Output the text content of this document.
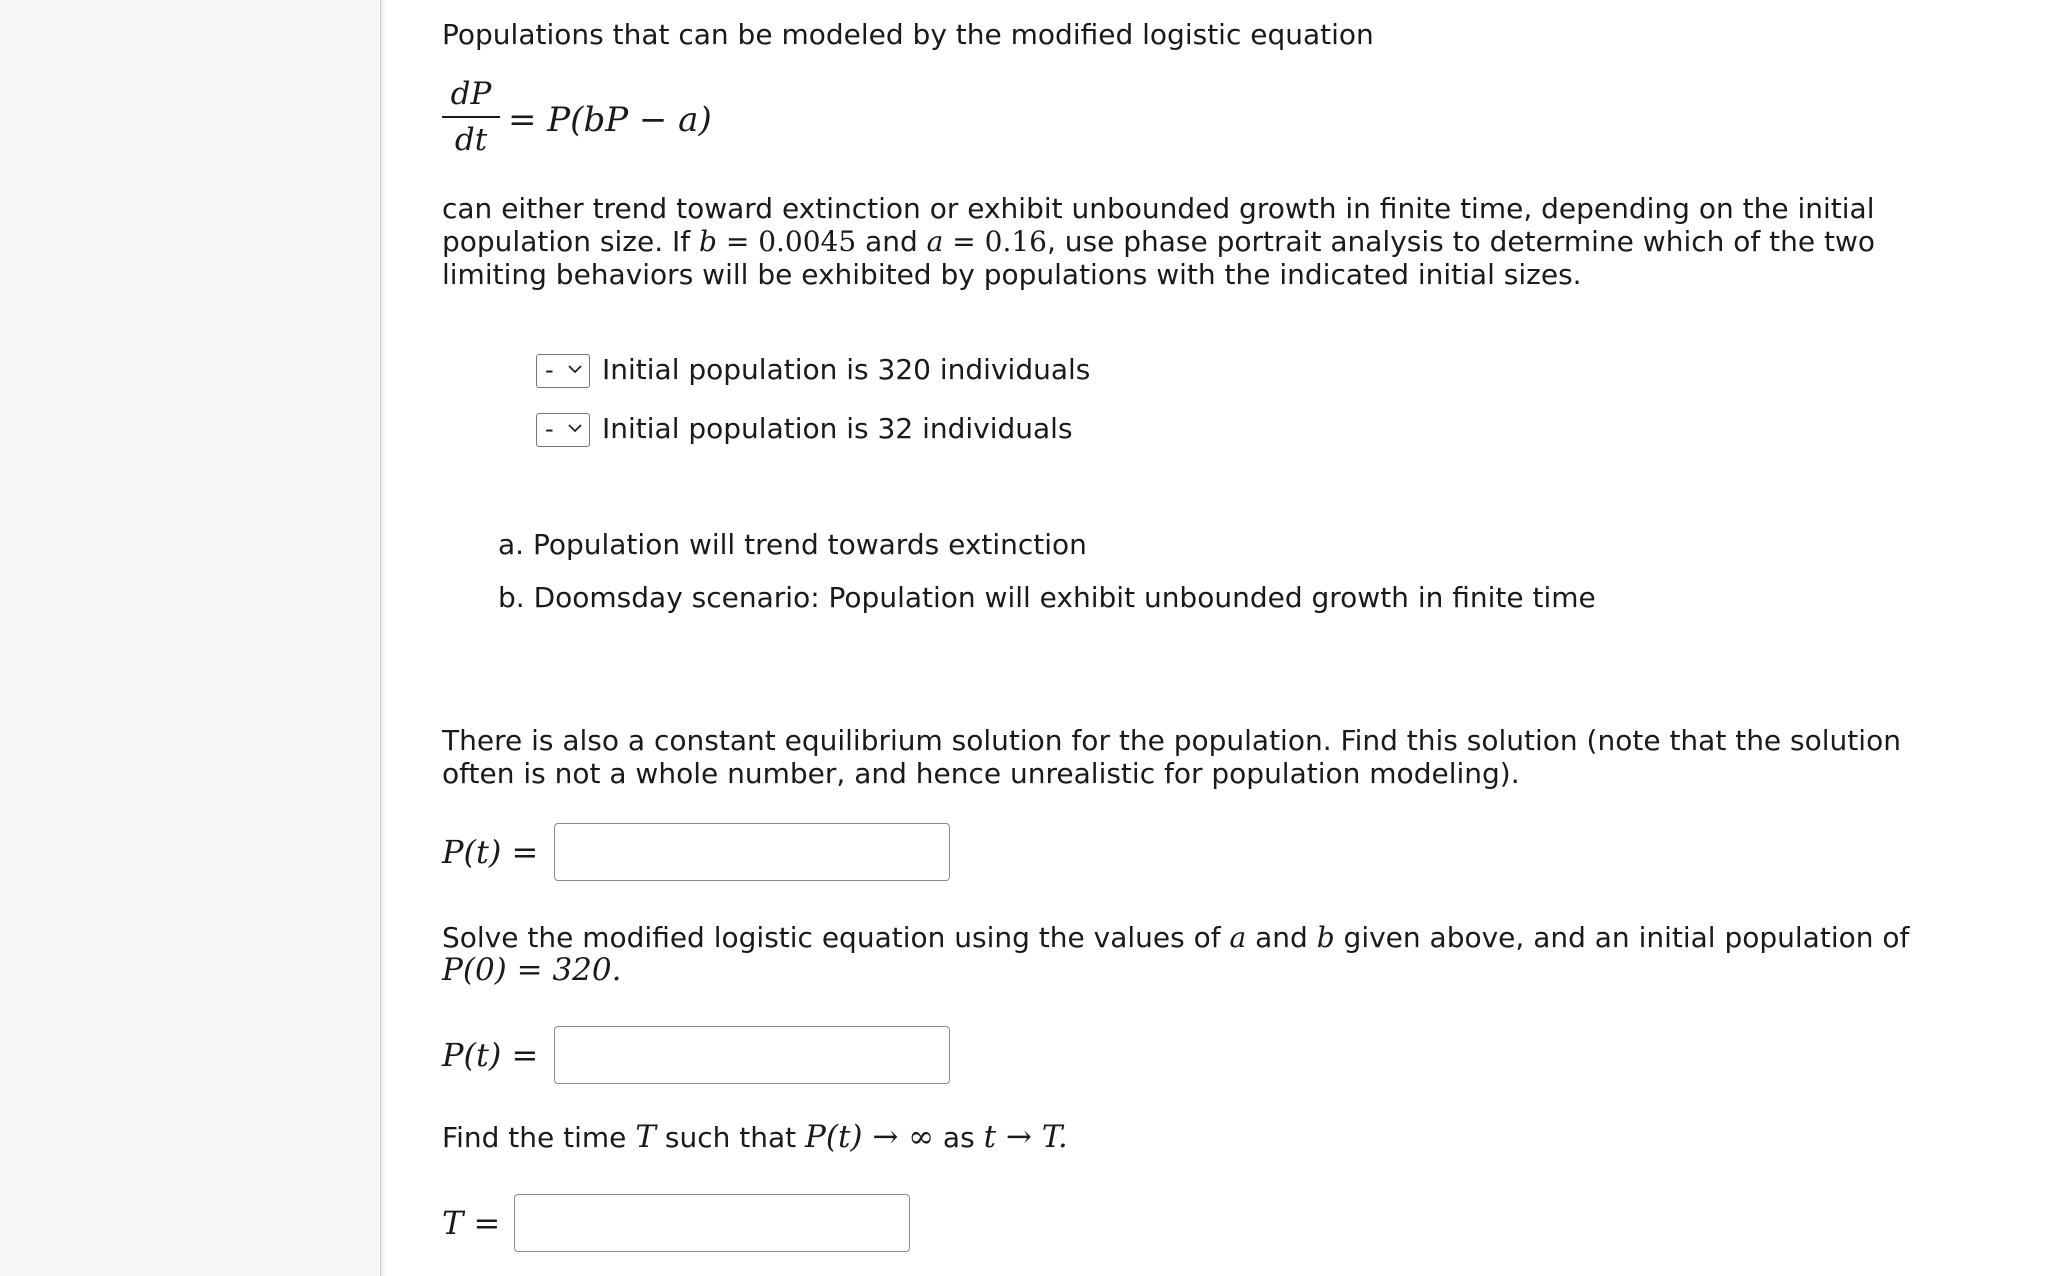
Populations that can be modeled by the modified logistic equation
dP
dt = P(bP − a)
can either trend toward extinction or exhibit unbounded growth in finite time, depending on the initial
population size. If b = 0.0045 and a = 0.16, use phase portrait analysis to determine which of the two
limiting behaviors will be exhibited by populations with the indicated initial sizes.
- Initial population is 320 individuals
- Initial population is 32 individuals
a. Population will trend towards extinction
b. Doomsday scenario: Population will exhibit unbounded growth in finite time
There is also a constant equilibrium solution for the population. Find this solution (note that the solution
often is not a whole number, and hence unrealistic for population modeling).
P(t) =
Solve the modified logistic equation using the values of a and b given above, and an initial population of
P(0) = 320.
P(t) =
Find the time T such that P(t) → ∞ as t → T.
T =
